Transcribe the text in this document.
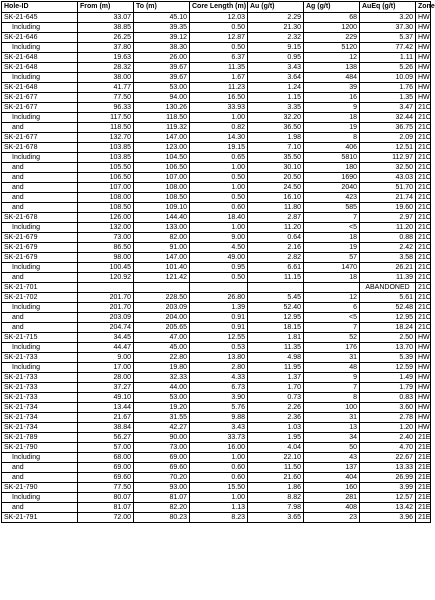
Hole-ID	From (m)	To (m)	Core Length (m)	Au (g/t)	Ag (g/t)	AuEq (g/t)	Zone
SK-21-645	33.07	45.10	12.03	2.29	68	3.20	HW
Including	38.85	39.35	0.50	21.30	1200	37.30	HW
SK-21-646	26.25	39.12	12.87	2.32	229	5.37	HW
Including	37.80	38.30	0.50	9.15	5120	77.42	HW
SK-21-648	19.63	26.00	6.37	0.95	12	1.11	HW
SK-21-648	28.32	39.67	11.35	3.43	138	5.26	HW
Including	38.00	39.67	1.67	3.64	484	10.09	HW
SK-21-648	41.77	53.00	11.23	1.24	39	1.76	HW
SK-21-677	77.50	94.00	16.50	1.15	16	1.35	HW
SK-21-677	96.33	130.26	33.93	3.35	9	3.47	21C
Including	117.50	118.50	1.00	32.20	18	32.44	21C
and	118.50	119.32	0.82	36.50	19	36.75	21C
SK-21-677	132.70	147.00	14.30	1.98	8	2.09	21C
SK-21-678	103.85	123.00	19.15	7.10	406	12.51	21C
Including	103.85	104.50	0.65	35.50	5810	112.97	21C
and	105.50	106.50	1.00	30.10	180	32.50	21C
and	106.50	107.00	0.50	20.50	1690	43.03	21C
and	107.00	108.00	1.00	24.50	2040	51.70	21C
and	108.00	108.50	0.50	16.10	423	21.74	21C
and	108.50	109.10	0.60	11.80	585	19.60	21C
SK-21-678	126.00	144.40	18.40	2.87	7	2.97	21C
Including	132.00	133.00	1.00	11.20	<5	11.20	21C
SK-21-679	73.00	82.00	9.00	0.64	18	0.88	21C
SK-21-679	86.50	91.00	4.50	2.16	19	2.42	21C
SK-21-679	98.00	147.00	49.00	2.82	57	3.58	21C
Including	100.45	101.40	0.95	6.61	1470	26.21	21C
and	120.92	121.42	0.50	11.15	18	11.39	21C
SK-21-701						ABANDONED	21C
SK-21-702	201.70	228.50	26.80	5.45	12	5.61	21C
Including	201.70	203.09	1.39	52.40	6	52.48	21C
and	203.09	204.00	0.91	12.95	<5	12.95	21C
and	204.74	205.65	0.91	18.15	7	18.24	21C
SK-21-715	34.45	47.00	12.55	1.81	52	2.50	HW
Including	44.47	45.00	0.53	11.35	176	13.70	HW
SK-21-733	9.00	22.80	13.80	4.98	31	5.39	HW
Including	17.00	19.80	2.80	11.95	48	12.59	HW
SK-21-733	28.00	32.33	4.33	1.37	9	1.49	HW
SK-21-733	37.27	44.00	6.73	1.70	7	1.79	HW
SK-21-733	49.10	53.00	3.90	0.73	8	0.83	HW
SK-21-734	13.44	19.20	5.76	2.26	100	3.60	HW
SK-21-734	21.67	31.55	9.88	2.36	31	2.78	HW
SK-21-734	38.84	42.27	3.43	1.03	13	1.20	HW
SK-21-789	56.27	90.00	33.73	1.95	34	2.40	21E
SK-21-790	57.00	73.00	16.00	4.04	50	4.70	21E
Including	68.00	69.00	1.00	22.10	43	22.67	21E
and	69.00	69.60	0.60	11.50	137	13.33	21E
and	69.60	70.20	0.60	21.60	404	26.99	21E
SK-21-790	77.50	93.00	15.50	1.86	160	3.99	21E
Including	80.07	81.07	1.00	8.82	281	12.57	21E
and	81.07	82.20	1.13	7.98	408	13.42	21E
SK-21-791	72.00	80.23	8.23	3.65	23	3.96	21E
